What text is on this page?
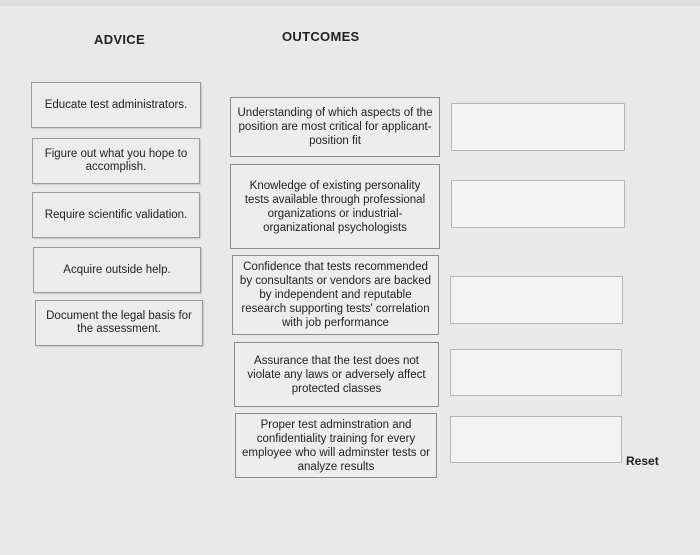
ADVICE	OUTCOMES
Educate test administrators.
Figure out what you hope to accomplish.
Require scientific validation.
Acquire outside help.
Document the legal basis for the assessment.
Understanding of which aspects of the position are most critical for applicant-position fit
Knowledge of existing personality tests available through professional organizations or industrial-organizational psychologists
Confidence that tests recommended by consultants or vendors are backed by independent and reputable research supporting tests' correlation with job performance
Assurance that the test does not violate any laws or adversely affect protected classes
Proper test adminstration and confidentiality training for every employee who will adminster tests or analyze results	Reset
